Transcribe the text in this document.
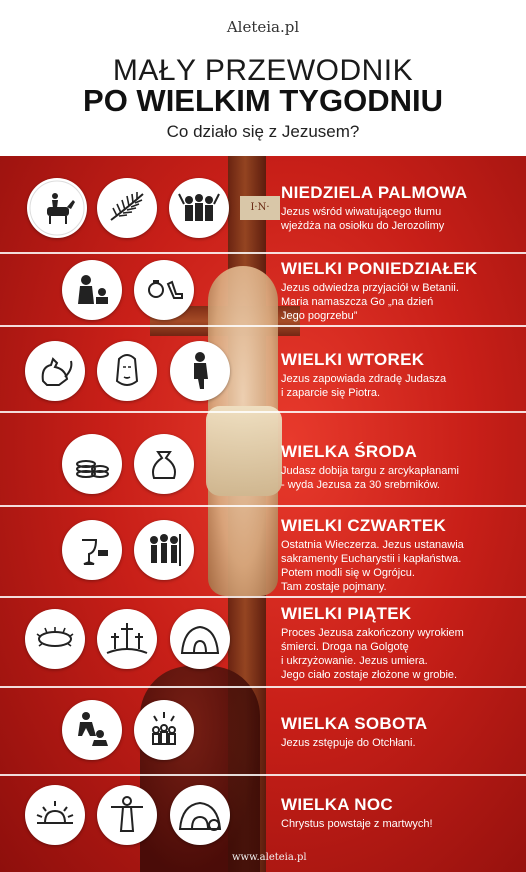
Aleteia.pl
MAŁY PRZEWODNIK
PO WIELKIM TYGODNIU
Co działo się z Jezusem?
I·N·
NIEDZIELA PALMOWA
Jezus wśród wiwatującego tłumu
wjeżdża na osiołku do Jerozolimy
WIELKI PONIEDZIAŁEK
Jezus odwiedza przyjaciół w Betanii.
Maria namaszcza Go „na dzień
Jego pogrzebu”
WIELKI WTOREK
Jezus zapowiada zdradę Judasza
i zaparcie się Piotra.
WIELKA ŚRODA
Judasz dobija targu z arcykapłanami
- wyda Jezusa za 30 srebrników.
WIELKI CZWARTEK
Ostatnia Wieczerza. Jezus ustanawia
sakramenty Eucharystii i kapłaństwa.
Potem modli się w Ogrójcu.
Tam zostaje pojmany.
WIELKI PIĄTEK
Proces Jezusa zakończony wyrokiem
śmierci. Droga na Golgotę
i ukrzyżowanie. Jezus umiera.
Jego ciało zostaje złożone w grobie.
WIELKA SOBOTA
Jezus zstępuje do Otchłani.
WIELKA NOC
Chrystus powstaje z martwych!
www.aleteia.pl
